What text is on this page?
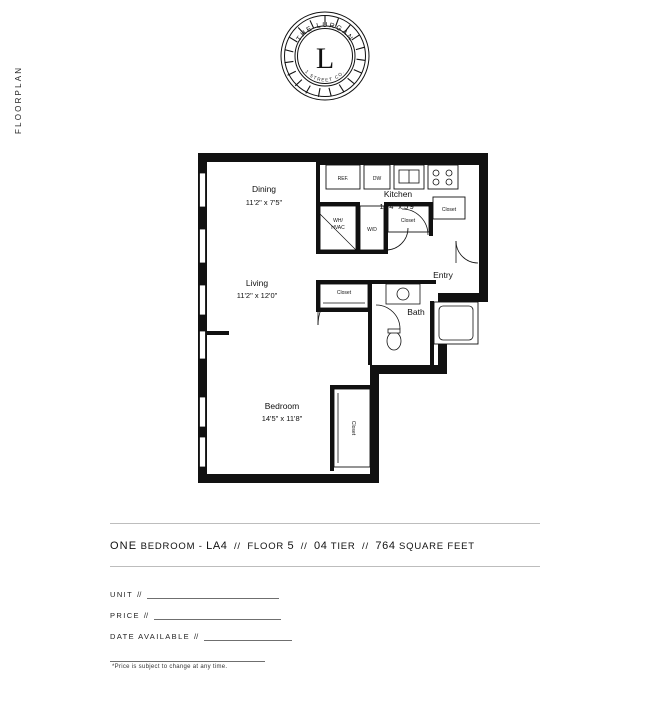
FLOORPLAN
THE LURGAN
1 STREET CO.
L
REF.	DW
WH/
HVAC	W/D
Closet
Closet
Closet
Closet
Dining
11'2" x 7'5"
Kitchen
15'4" x 5'9"
Living
11'2" x 12'0"
Bedroom
14'5" x 11'8"
Bath
Entry
ONE BEDROOM - LA4 // FLOOR 5 // 04 TIER // 764 SQUARE FEET
UNIT //
PRICE //
DATE AVAILABLE //
*Price is subject to change at any time.
